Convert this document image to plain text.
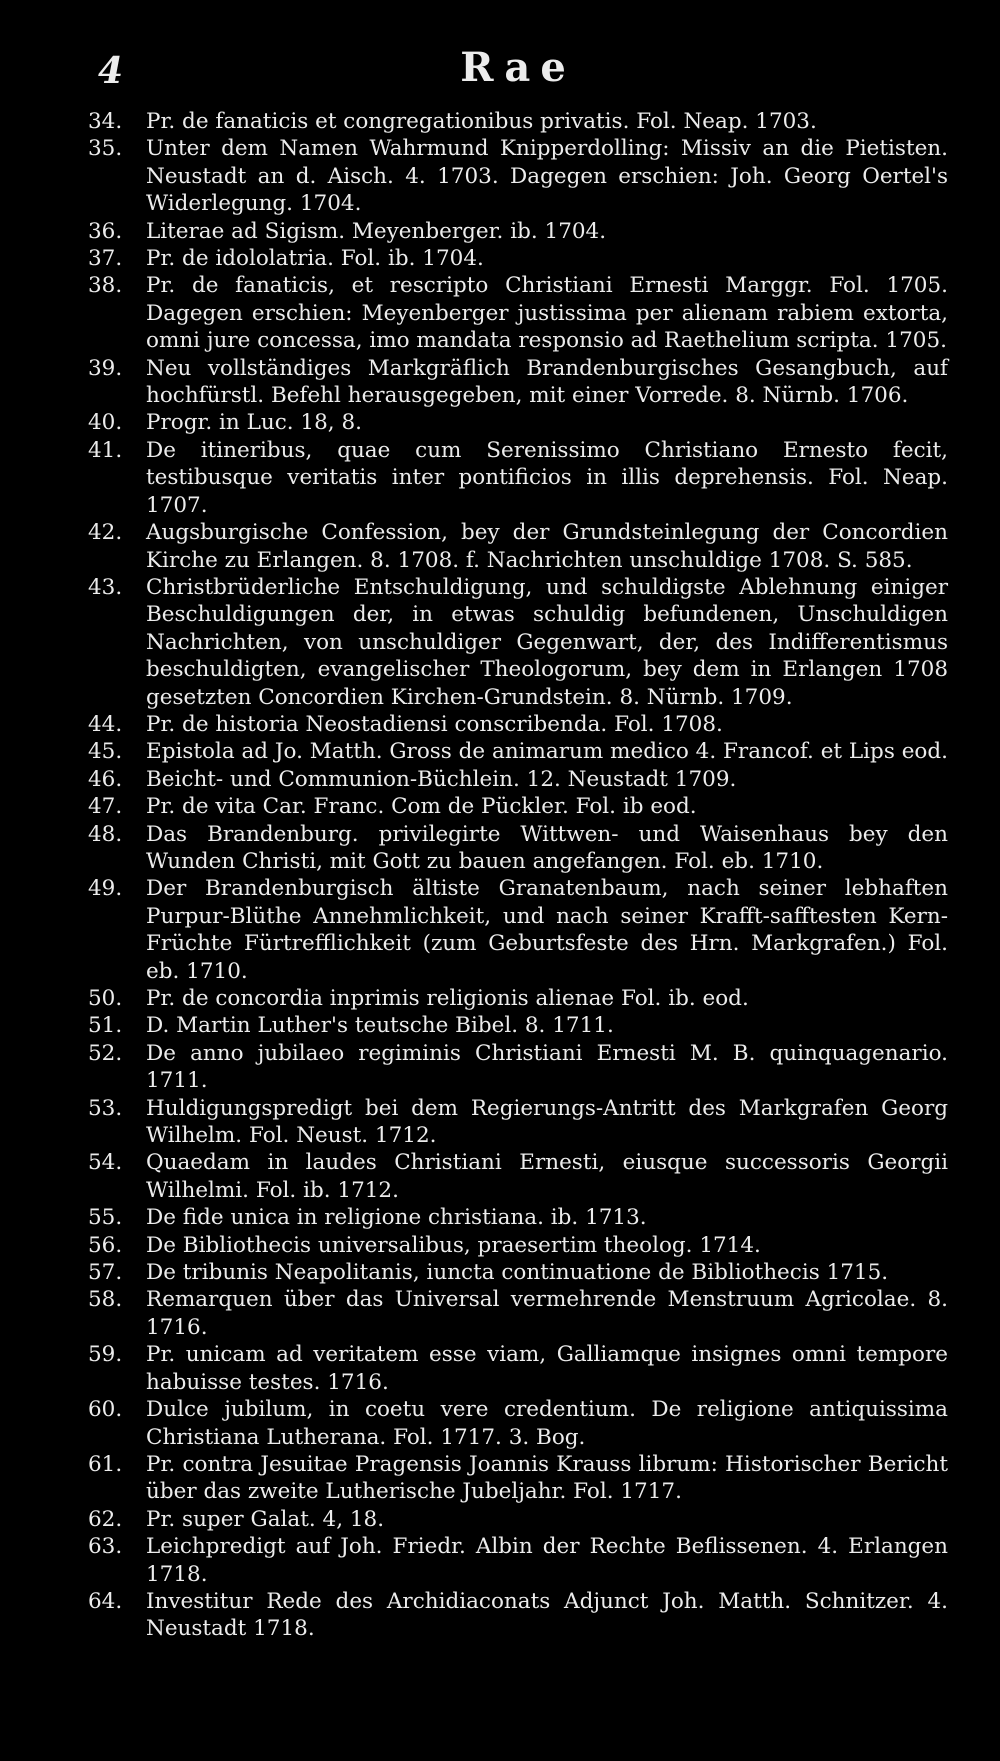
4	Rae

34.	Pr. de fanaticis et congregationibus privatis. Fol. Neap. 1703.

35.	Unter dem Namen Wahrmund Knipperdolling: Missiv an die Pietisten. Neustadt an d. Aisch. 4. 1703. Dagegen erschien: Joh. Georg Oertel's Widerlegung. 1704.

36.	Literae ad Sigism. Meyenberger. ib. 1704.

37.	Pr. de idololatria. Fol. ib. 1704.

38.	Pr. de fanaticis, et rescripto Christiani Ernesti Marggr. Fol. 1705. Dagegen erschien: Meyenberger justissima per alienam rabiem extorta, omni jure concessa, imo mandata responsio ad Raethelium scripta. 1705.

39.	Neu vollständiges Markgräflich Brandenburgisches Gesangbuch, auf hochfürstl. Befehl herausgegeben, mit einer Vorrede. 8. Nürnb. 1706.

40.	Progr. in Luc. 18, 8.

41.	De itineribus, quae cum Serenissimo Christiano Ernesto fecit, testibusque veritatis inter pontificios in illis deprehensis. Fol. Neap. 1707.

42.	Augsburgische Confession, bey der Grundsteinlegung der Concordien Kirche zu Erlangen. 8. 1708. f. Nachrichten unschuldige 1708. S. 585.

43.	Christbrüderliche Entschuldigung, und schuldigste Ablehnung einiger Beschuldigungen der, in etwas schuldig befundenen, Unschuldigen Nachrichten, von unschuldiger Gegenwart, der, des Indifferentismus beschuldigten, evangelischer Theologorum, bey dem in Erlangen 1708 gesetzten Concordien Kirchen-Grundstein. 8. Nürnb. 1709.

44.	Pr. de historia Neostadiensi conscribenda. Fol. 1708.

45.	Epistola ad Jo. Matth. Gross de animarum medico 4. Francof. et Lips eod.

46.	Beicht- und Communion-Büchlein. 12. Neustadt 1709.

47.	Pr. de vita Car. Franc. Com de Pückler. Fol. ib eod.

48.	Das Brandenburg. privilegirte Wittwen- und Waisenhaus bey den Wunden Christi, mit Gott zu bauen angefangen. Fol. eb. 1710.

49.	Der Brandenburgisch ältiste Granatenbaum, nach seiner lebhaften Purpur-Blüthe Annehmlichkeit, und nach seiner Krafft-safftesten Kern-Früchte Fürtrefflichkeit (zum Geburtsfeste des Hrn. Markgrafen.) Fol. eb. 1710.

50.	Pr. de concordia inprimis religionis alienae Fol. ib. eod.

51.	D. Martin Luther's teutsche Bibel. 8. 1711.

52.	De anno jubilaeo regiminis Christiani Ernesti M. B. quinquagenario. 1711.

53.	Huldigungspredigt bei dem Regierungs-Antritt des Markgrafen Georg Wilhelm. Fol. Neust. 1712.

54.	Quaedam in laudes Christiani Ernesti, eiusque successoris Georgii Wilhelmi. Fol. ib. 1712.

55.	De fide unica in religione christiana. ib. 1713.

56.	De Bibliothecis universalibus, praesertim theolog. 1714.

57.	De tribunis Neapolitanis, iuncta continuatione de Bibliothecis 1715.

58.	Remarquen über das Universal vermehrende Menstruum Agricolae. 8. 1716.

59.	Pr. unicam ad veritatem esse viam, Galliamque insignes omni tempore habuisse testes. 1716.

60.	Dulce jubilum, in coetu vere credentium. De religione antiquissima Christiana Lutherana. Fol. 1717. 3. Bog.

61.	Pr. contra Jesuitae Pragensis Joannis Krauss librum: Historischer Bericht über das zweite Lutherische Jubeljahr. Fol. 1717.

62.	Pr. super Galat. 4, 18.

63.	Leichpredigt auf Joh. Friedr. Albin der Rechte Beflissenen. 4. Erlangen 1718.

64.	Investitur Rede des Archidiaconats Adjunct Joh. Matth. Schnitzer. 4. Neustadt 1718.
